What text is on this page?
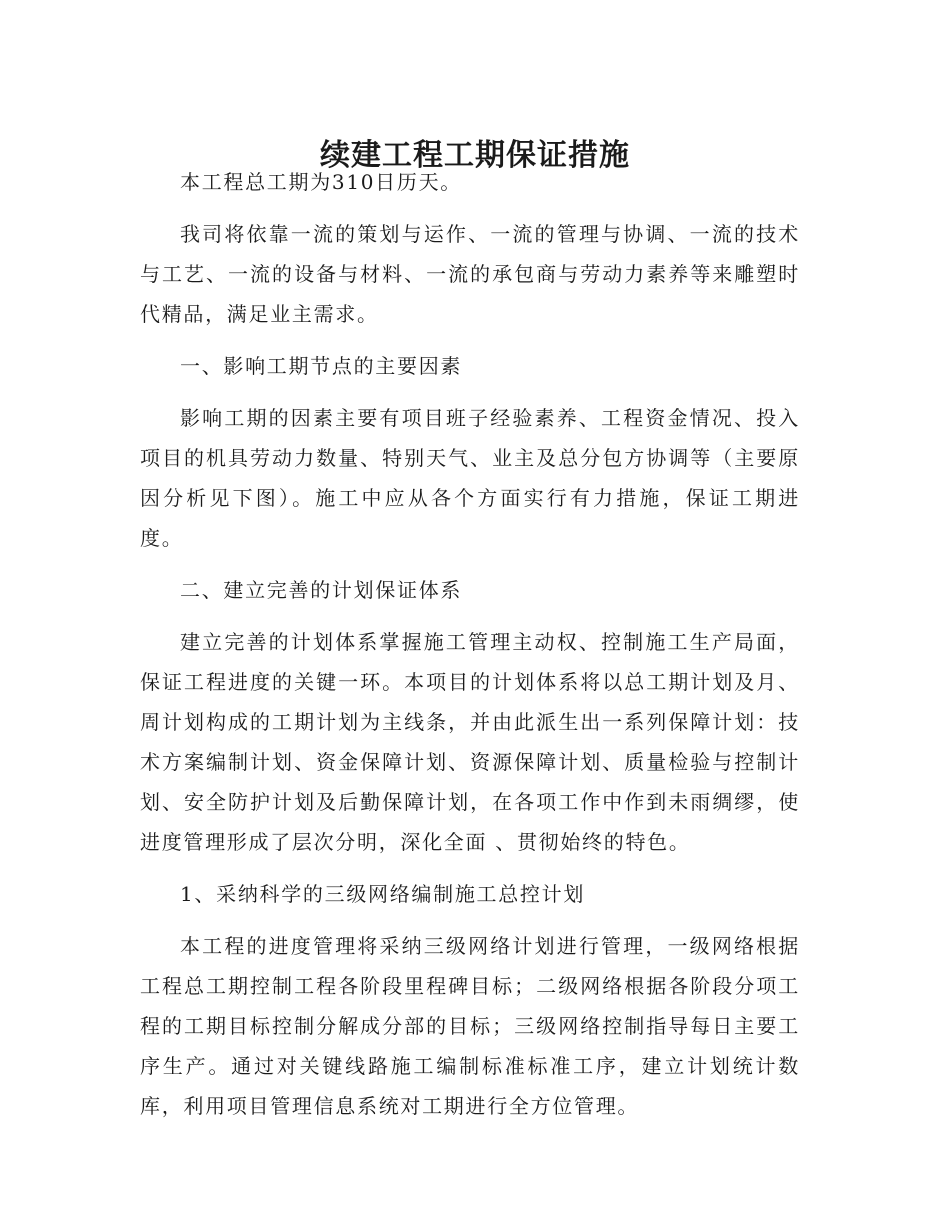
续建工程工期保证措施

本工程总工期为310日历天。

我司将依靠一流的策划与运作、一流的管理与协调、一流的技术与工艺、一流的设备与材料、一流的承包商与劳动力素养等来雕塑时代精品，满足业主需求。

一、影响工期节点的主要因素

影响工期的因素主要有项目班子经验素养、工程资金情况、投入项目的机具劳动力数量、特别天气、业主及总分包方协调等（主要原因分析见下图）。施工中应从各个方面实行有力措施，保证工期进度。

二、建立完善的计划保证体系

建立完善的计划体系掌握施工管理主动权、控制施工生产局面，保证工程进度的关键一环。本项目的计划体系将以总工期计划及月、周计划构成的工期计划为主线条，并由此派生出一系列保障计划：技术方案编制计划、资金保障计划、资源保障计划、质量检验与控制计划、安全防护计划及后勤保障计划，在各项工作中作到未雨绸缪，使进度管理形成了层次分明，深化全面 、贯彻始终的特色。

1、采纳科学的三级网络编制施工总控计划

本工程的进度管理将采纳三级网络计划进行管理，一级网络根据工程总工期控制工程各阶段里程碑目标；二级网络根据各阶段分项工程的工期目标控制分解成分部的目标；三级网络控制指导每日主要工序生产。通过对关键线路施工编制标准标准工序，建立计划统计数库，利用项目管理信息系统对工期进行全方位管理。
